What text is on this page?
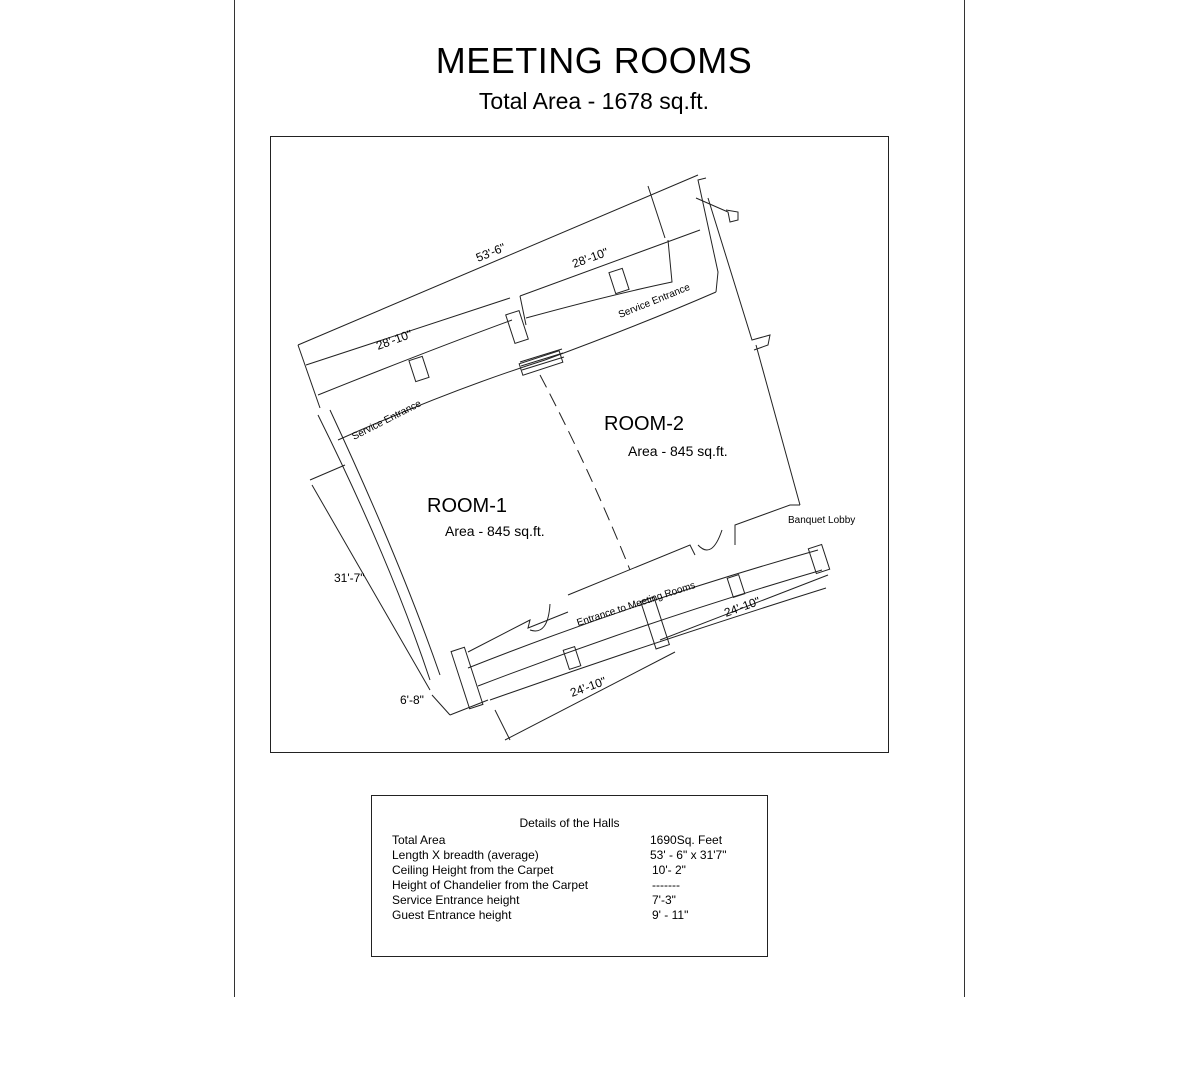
MEETING ROOMS
Total Area - 1678 sq.ft.
53'-6"
28'-10"
28'-10"
Service Entrance
Service Entrance
ROOM-2
Area - 845 sq.ft.
ROOM-1
Area - 845 sq.ft.
Banquet Lobby
Entrance to Meeting Rooms
31'-7"
6'-8"
24'-10"
24'-10"
Details of the Halls
Total Area	1690Sq. Feet
Length X breadth (average)	53' - 6" x 31'7"
Ceiling Height from the Carpet	10'- 2"
Height of Chandelier from the Carpet	-------
Service Entrance height	7'-3"
Guest Entrance height	9' - 11"
